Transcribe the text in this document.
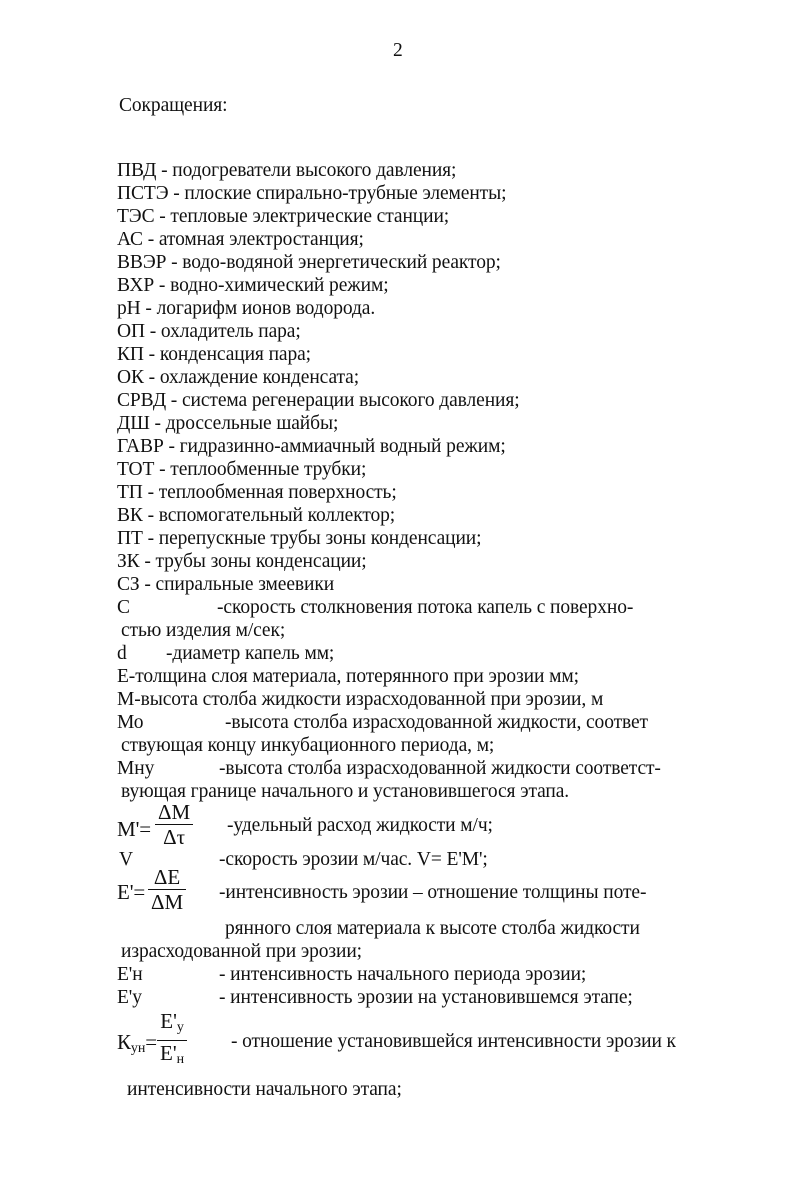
2
Сокращения:
ПВД - подогреватели высокого давления;
ПСТЭ - плоские спирально-трубные элементы;
ТЭС - тепловые электрические станции;
АС - атомная электростанция;
ВВЭР - водо-водяной энергетический реактор;
ВХР - водно-химический режим;
рН - логарифм ионов водорода.
ОП - охладитель пара;
КП - конденсация пара;
ОК - охлаждение конденсата;
СРВД - система регенерации высокого давления;
ДШ - дроссельные шайбы;
ГАВР - гидразинно-аммиачный водный режим;
ТОТ - теплообменные трубки;
ТП - теплообменная поверхность;
ВК - вспомогательный коллектор;
ПТ - перепускные трубы зоны конденсации;
ЗК - трубы зоны конденсации;
СЗ - спиральные змеевики
С	-скорость столкновения потока капель с поверхно-
стью изделия м/сек;
d -диаметр капель мм;
Е-толщина слоя материала, потерянного при эрозии мм;
М-высота столба жидкости израсходованной при эрозии, м
Мо	-высота столба израсходованной жидкости, соответ
ствующая концу инкубационного периода, м;
Мну	-высота столба израсходованной жидкости соответст-
вующая границе начального и установившегося этапа.
М'=
ΔМ
Δτ	-удельный расход жидкости м/ч;
V	-скорость эрозии м/час. V= E'M';
Е'=
ΔЕ
ΔМ -интенсивность эрозии – отношение толщины поте-
рянного слоя материала к высоте столба жидкости
израсходованной при эрозии;
Е'н	- интенсивность начального периода эрозии;
Е'у	- интенсивность эрозии на установившемся этапе;
$К_{ун}=$
$Е'_у$
$Е'_н$
- отношение установившейся интенсивности эрозии к
интенсивности начального этапа;
